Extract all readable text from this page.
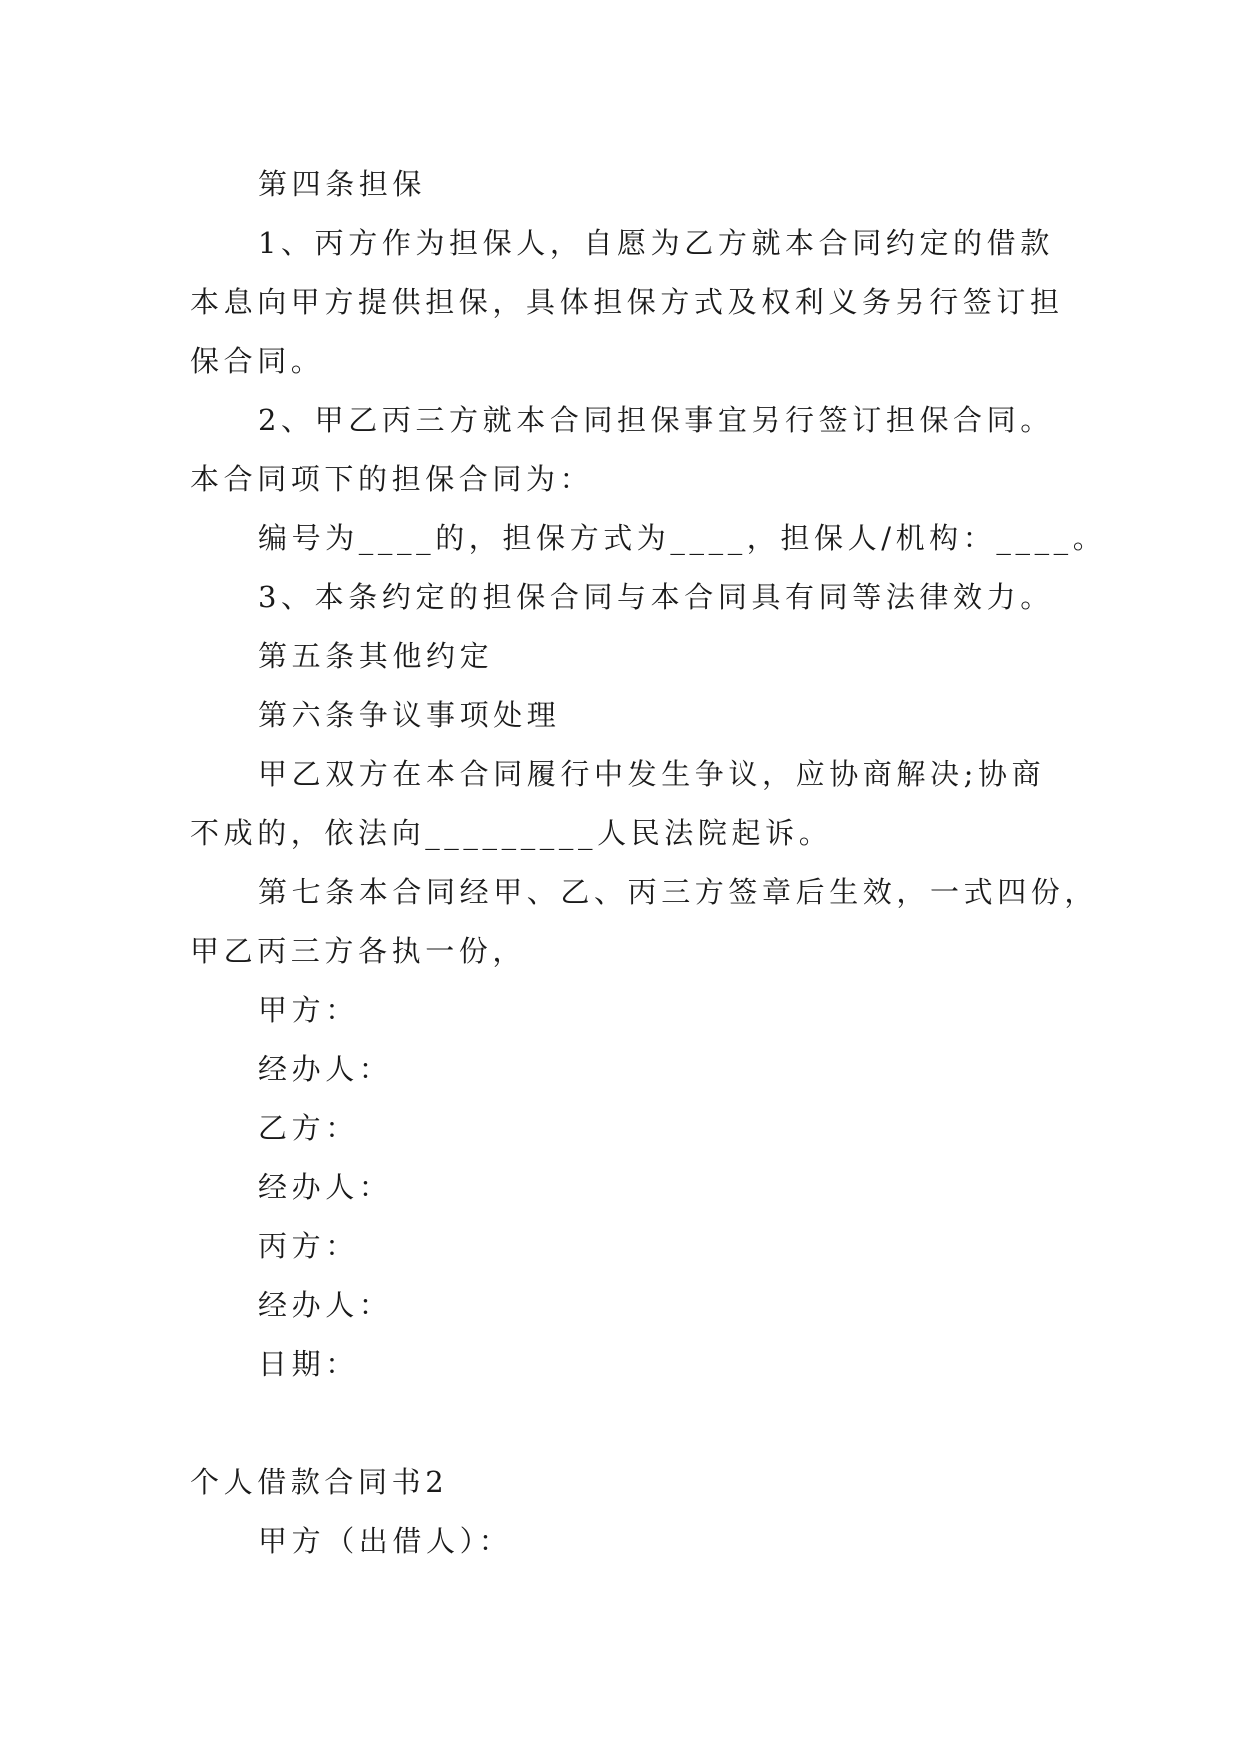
第四条担保

1、丙方作为担保人，自愿为乙方就本合同约定的借款

本息向甲方提供担保，具体担保方式及权利义务另行签订担

保合同。

2、甲乙丙三方就本合同担保事宜另行签订担保合同。

本合同项下的担保合同为：

编号为____的，担保方式为____，担保人/机构：____。

3、本条约定的担保合同与本合同具有同等法律效力。

第五条其他约定

第六条争议事项处理

甲乙双方在本合同履行中发生争议，应协商解决;协商

不成的，依法向_________人民法院起诉。

第七条本合同经甲、乙、丙三方签章后生效，一式四份，

甲乙丙三方各执一份，

甲方：

经办人：

乙方：

经办人：

丙方：

经办人：

日期：

个人借款合同书2

甲方（出借人）：
